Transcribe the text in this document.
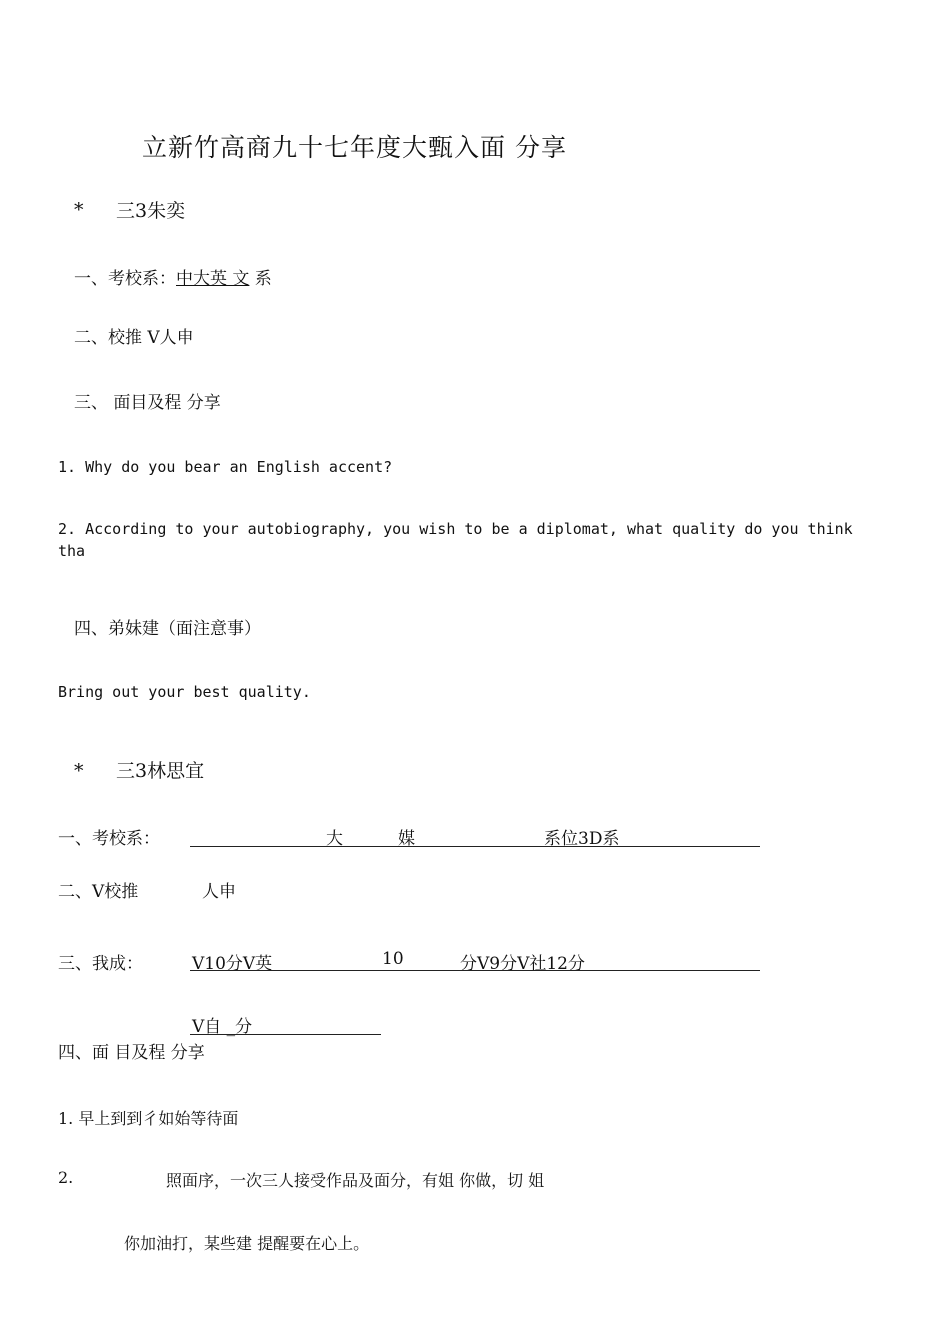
立新竹高商九十七年度大甄入面 分享
* 三3朱奕
一、考校系：中大英 文 系
二、校推 V人申
三、 面目及程 分享
1. Why do you bear an English accent?
2. According to your autobiography, you wish to be a diplomat, what quality do you think
tha
四、弟妹建（面注意事）
Bring out your best quality.
* 三3林思宜
一、考校系：	大	媒	系位3D系
二、V校推	人申
三、我成：	V10分V英	10	分V9分V社12分
V自 _分
四、面 目及程 分享
1. 早上到到彳如始等待面
2.	照面序，一次三人接受作品及面分，有姐 你做，切 姐
你加油打，某些建 提醒要在心上。
